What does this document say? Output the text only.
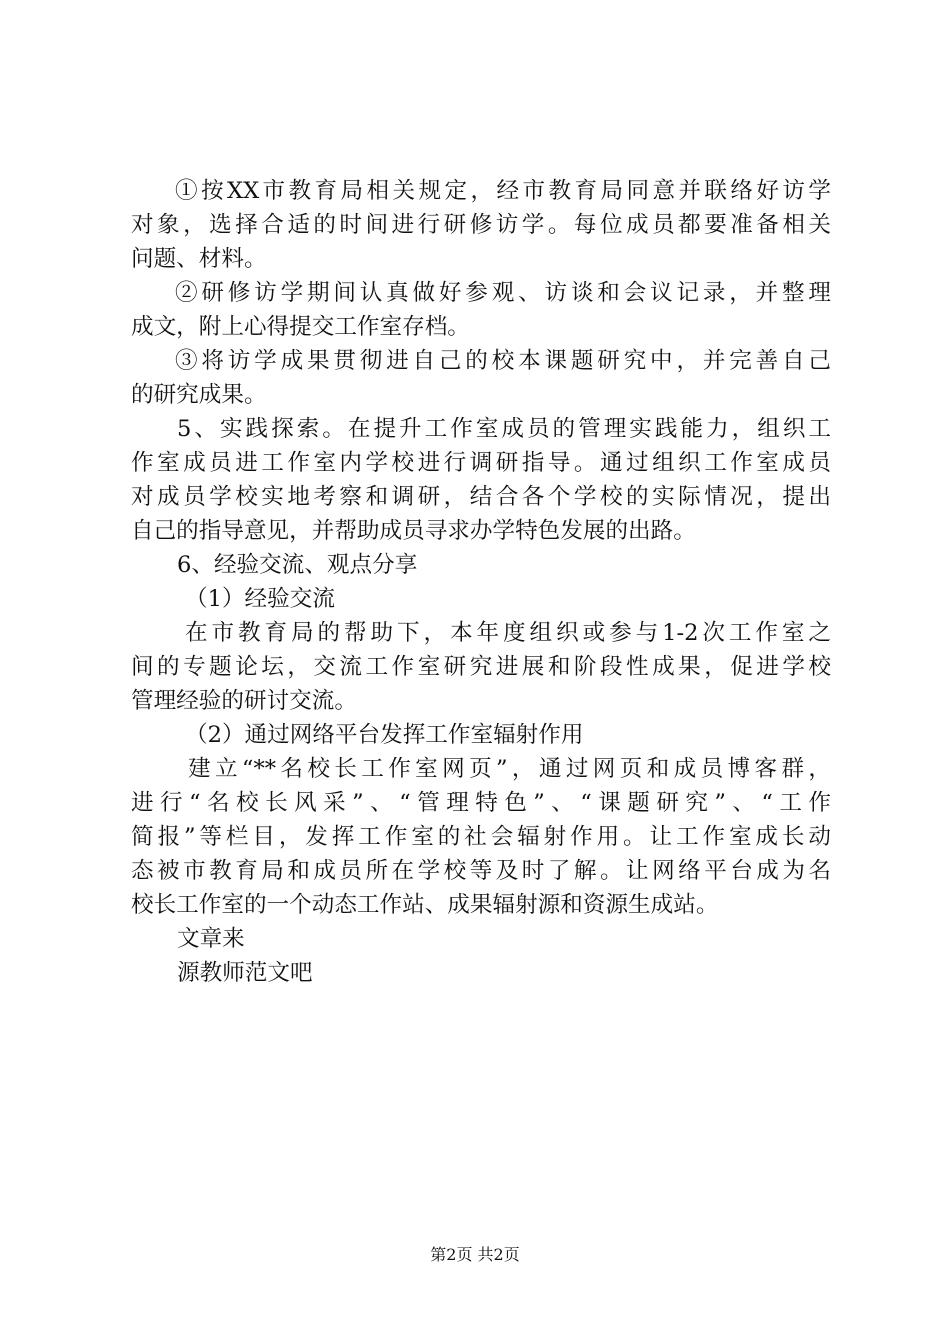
①按XX市教育局相关规定，经市教育局同意并联络好访学
对象，选择合适的时间进行研修访学。每位成员都要准备相关
问题、材料。
②研修访学期间认真做好参观、访谈和会议记录，并整理
成文，附上心得提交工作室存档。
③将访学成果贯彻进自己的校本课题研究中，并完善自己
的研究成果。
5、实践探索。在提升工作室成员的管理实践能力，组织工
作室成员进工作室内学校进行调研指导。通过组织工作室成员
对成员学校实地考察和调研，结合各个学校的实际情况，提出
自己的指导意见，并帮助成员寻求办学特色发展的出路。
6、经验交流、观点分享
（1）经验交流
在市教育局的帮助下，本年度组织或参与1-2次工作室之
间的专题论坛，交流工作室研究进展和阶段性成果，促进学校
管理经验的研讨交流。
（2）通过网络平台发挥工作室辐射作用
建立“**名校长工作室网页”，通过网页和成员博客群，
进行“名校长风采”、“管理特色”、“课题研究”、“工作
简报”等栏目，发挥工作室的社会辐射作用。让工作室成长动
态被市教育局和成员所在学校等及时了解。让网络平台成为名
校长工作室的一个动态工作站、成果辐射源和资源生成站。
文章来
源教师范文吧
第2页 共2页
